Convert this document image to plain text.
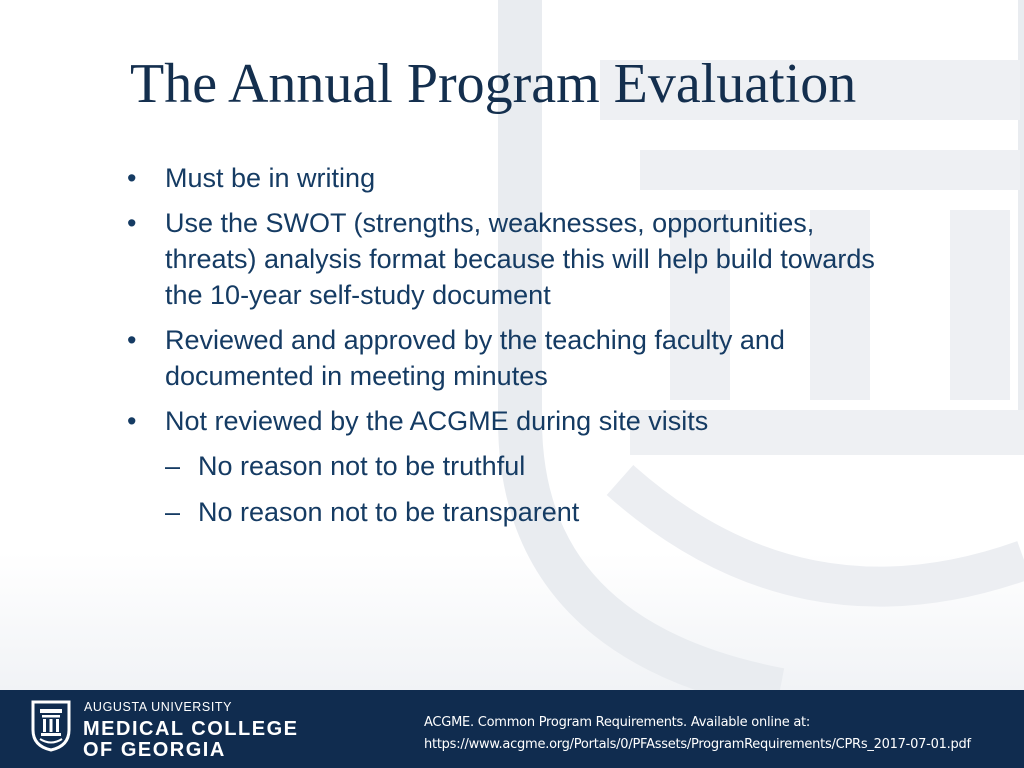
The Annual Program Evaluation
• Must be in writing
• Use the SWOT (strengths, weaknesses, opportunities, threats) analysis format because this will help build towards the 10-year self-study document
• Reviewed and approved by the teaching faculty and documented in meeting minutes
• Not reviewed by the ACGME during site visits
– No reason not to be truthful
– No reason not to be transparent
AUGUSTA UNIVERSITY
MEDICAL COLLEGE
OF GEORGIA
ACGME. Common Program Requirements. Available online at:
https://www.acgme.org/Portals/0/PFAssets/ProgramRequirements/CPRs_2017-07-01.pdf
